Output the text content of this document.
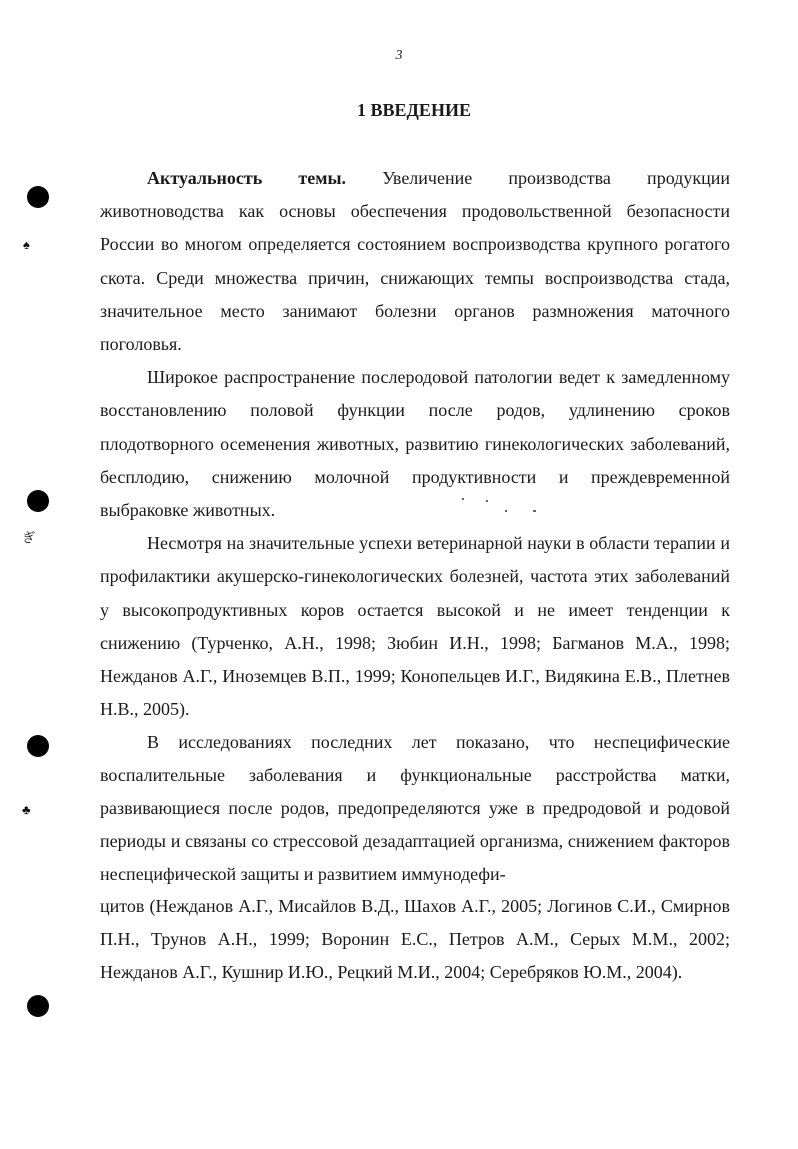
♠
ぎ
♣
3
1 ВВЕДЕНИЕ

Актуальность темы. Увеличение производства продукции животноводства как основы обеспечения продовольственной безопасности России во многом определяется состоянием воспроизводства крупного рогатого скота. Среди множества причин, снижающих темпы воспроизводства стада, значительное место занимают болезни органов размножения маточного поголовья.

Широкое распространение послеродовой патологии ведет к замедленному восстановлению половой функции после родов, удлинению сроков плодотворного осеменения животных, развитию гинекологических заболеваний, бесплодию, снижению молочной продуктивности и преждевременной выбраковке животных.

Несмотря на значительные успехи ветеринарной науки в области терапии и профилактики акушерско-гинекологических болезней, частота этих заболеваний у высокопродуктивных коров остается высокой и не имеет тенденции к снижению (Турченко, А.Н., 1998; Зюбин И.Н., 1998; Багманов М.А., 1998; Нежданов А.Г., Иноземцев В.П., 1999; Конопельцев И.Г., Видякина Е.В., Плетнев Н.В., 2005).

В исследованиях последних лет показано, что неспецифические воспалительные заболевания и функциональные расстройства матки, развивающиеся после родов, предопределяются уже в предродовой и родовой периоды и связаны со стрессовой дезадаптацией организма, снижением факторов неспецифической защиты и развитием иммунодефи-
цитов (Нежданов А.Г., Мисайлов В.Д., Шахов А.Г., 2005; Логинов С.И., Смирнов П.Н., Трунов А.Н., 1999; Воронин Е.С., Петров А.М., Серых М.М., 2002; Нежданов А.Г., Кушнир И.Ю., Рецкий М.И., 2004; Серебряков Ю.М., 2004).
